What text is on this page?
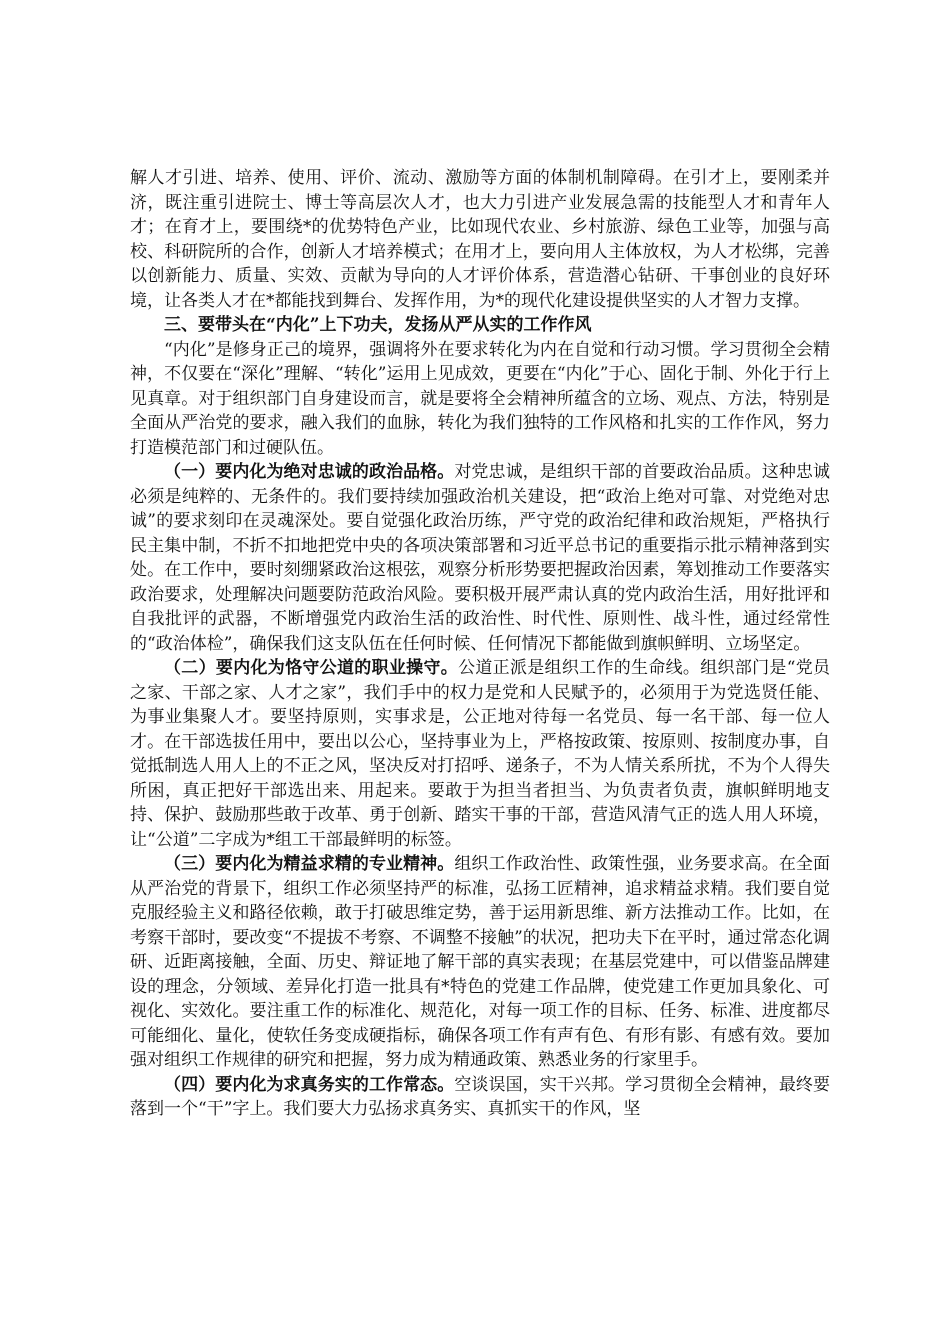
解人才引进、培养、使用、评价、流动、激励等方面的体制机制障碍。在引才上，要刚柔并济，既注重引进院士、博士等高层次人才，也大力引进产业发展急需的技能型人才和青年人才；在育才上，要围绕*的优势特色产业，比如现代农业、乡村旅游、绿色工业等，加强与高校、科研院所的合作，创新人才培养模式；在用才上，要向用人主体放权，为人才松绑，完善以创新能力、质量、实效、贡献为导向的人才评价体系，营造潜心钻研、干事创业的良好环境，让各类人才在*都能找到舞台、发挥作用，为*的现代化建设提供坚实的人才智力支撑。

三、要带头在“内化”上下功夫，发扬从严从实的工作作风

“内化”是修身正己的境界，强调将外在要求转化为内在自觉和行动习惯。学习贯彻全会精神，不仅要在“深化”理解、“转化”运用上见成效，更要在“内化”于心、固化于制、外化于行上见真章。对于组织部门自身建设而言，就是要将全会精神所蕴含的立场、观点、方法，特别是全面从严治党的要求，融入我们的血脉，转化为我们独特的工作风格和扎实的工作作风，努力打造模范部门和过硬队伍。

（一）要内化为绝对忠诚的政治品格。对党忠诚，是组织干部的首要政治品质。这种忠诚必须是纯粹的、无条件的。我们要持续加强政治机关建设，把“政治上绝对可靠、对党绝对忠诚”的要求刻印在灵魂深处。要自觉强化政治历练，严守党的政治纪律和政治规矩，严格执行民主集中制，不折不扣地把党中央的各项决策部署和习近平总书记的重要指示批示精神落到实处。在工作中，要时刻绷紧政治这根弦，观察分析形势要把握政治因素，筹划推动工作要落实政治要求，处理解决问题要防范政治风险。要积极开展严肃认真的党内政治生活，用好批评和自我批评的武器，不断增强党内政治生活的政治性、时代性、原则性、战斗性，通过经常性的“政治体检”，确保我们这支队伍在任何时候、任何情况下都能做到旗帜鲜明、立场坚定。

（二）要内化为恪守公道的职业操守。公道正派是组织工作的生命线。组织部门是“党员之家、干部之家、人才之家”，我们手中的权力是党和人民赋予的，必须用于为党选贤任能、为事业集聚人才。要坚持原则，实事求是，公正地对待每一名党员、每一名干部、每一位人才。在干部选拔任用中，要出以公心，坚持事业为上，严格按政策、按原则、按制度办事，自觉抵制选人用人上的不正之风，坚决反对打招呼、递条子，不为人情关系所扰，不为个人得失所困，真正把好干部选出来、用起来。要敢于为担当者担当、为负责者负责，旗帜鲜明地支持、保护、鼓励那些敢于改革、勇于创新、踏实干事的干部，营造风清气正的选人用人环境，让“公道”二字成为*组工干部最鲜明的标签。

（三）要内化为精益求精的专业精神。组织工作政治性、政策性强，业务要求高。在全面从严治党的背景下，组织工作必须坚持严的标准，弘扬工匠精神，追求精益求精。我们要自觉克服经验主义和路径依赖，敢于打破思维定势，善于运用新思维、新方法推动工作。比如，在考察干部时，要改变“不提拔不考察、不调整不接触”的状况，把功夫下在平时，通过常态化调研、近距离接触，全面、历史、辩证地了解干部的真实表现；在基层党建中，可以借鉴品牌建设的理念，分领域、差异化打造一批具有*特色的党建工作品牌，使党建工作更加具象化、可视化、实效化。要注重工作的标准化、规范化，对每一项工作的目标、任务、标准、进度都尽可能细化、量化，使软任务变成硬指标，确保各项工作有声有色、有形有影、有感有效。要加强对组织工作规律的研究和把握，努力成为精通政策、熟悉业务的行家里手。

（四）要内化为求真务实的工作常态。空谈误国，实干兴邦。学习贯彻全会精神，最终要落到一个“干”字上。我们要大力弘扬求真务实、真抓实干的作风，坚
